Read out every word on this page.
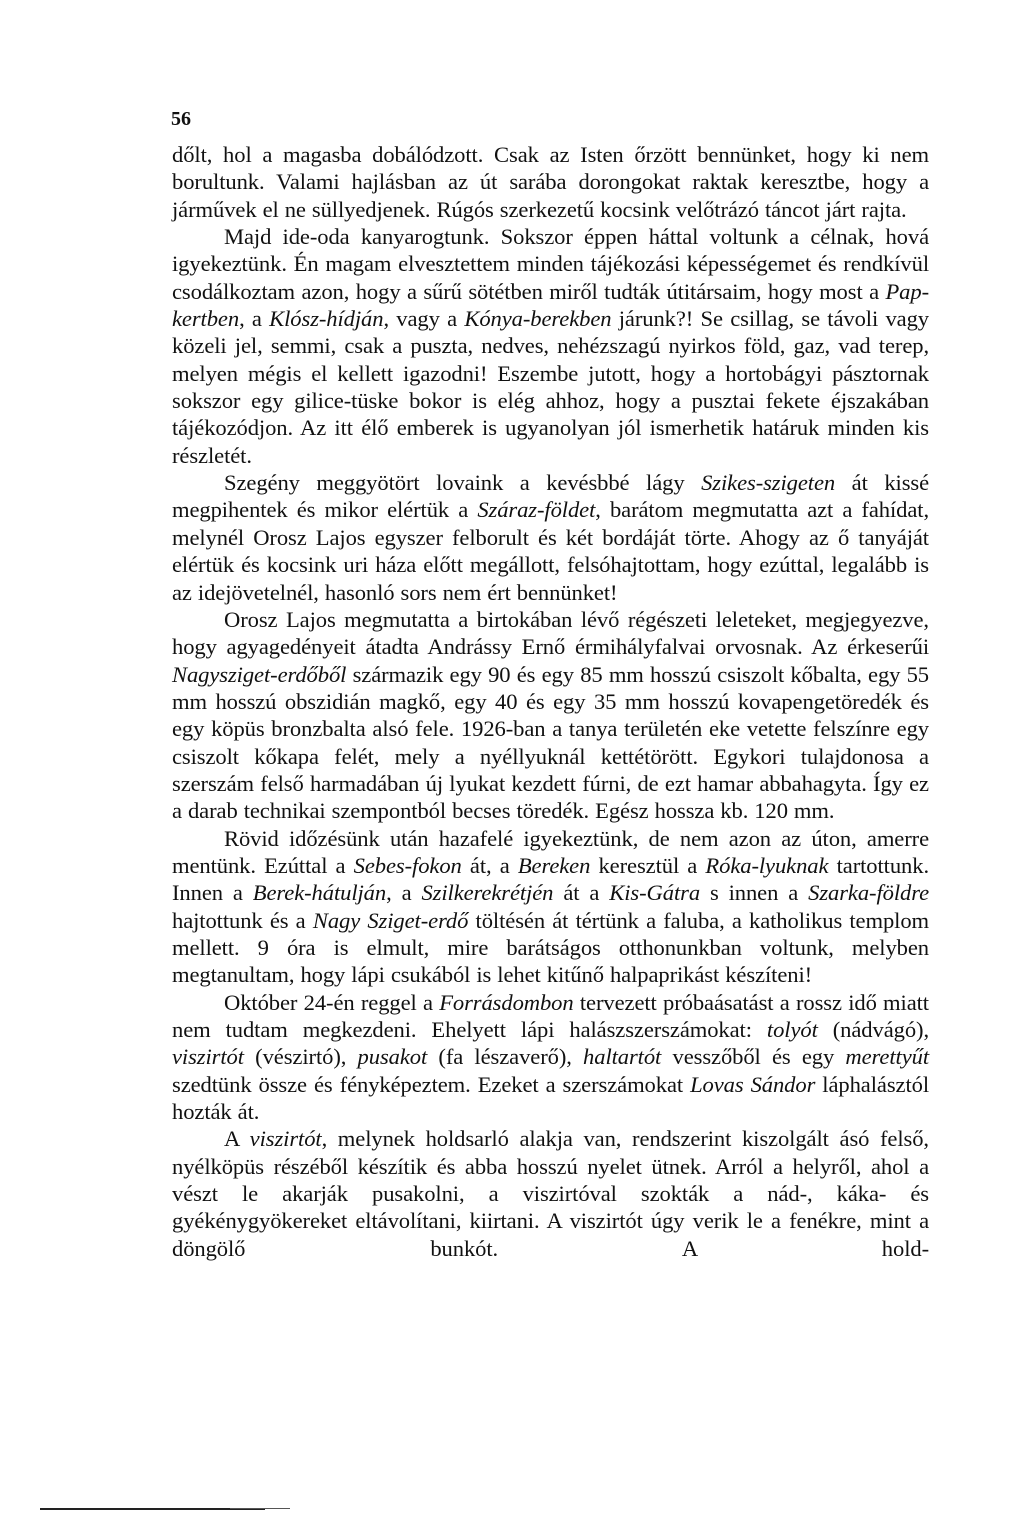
56

dőlt, hol a magasba dobálódzott. Csak az Isten őrzött bennünket, hogy ki nem borultunk. Valami hajlásban az út sarába dorongokat raktak keresztbe, hogy a járművek el ne süllyedjenek. Rúgós szerkezetű kocsink velőtrázó táncot járt rajta.

Majd ide-oda kanyarogtunk. Sokszor éppen háttal voltunk a célnak, hová igyekeztünk. Én magam elvesztettem minden tájékozási képességemet és rendkívül csodálkoztam azon, hogy a sűrű sötétben miről tudták útitársaim, hogy most a Pap-kertben, a Klósz-hídján, vagy a Kónya-berekben járunk?! Se csillag, se távoli vagy közeli jel, semmi, csak a puszta, nedves, nehézszagú nyirkos föld, gaz, vad terep, melyen mégis el kellett igazodni! Eszembe jutott, hogy a hortobágyi pásztornak sokszor egy gilice-tüske bokor is elég ahhoz, hogy a pusztai fekete éjszakában tájékozódjon. Az itt élő emberek is ugyanolyan jól ismerhetik határuk minden kis részletét.

Szegény meggyötört lovaink a kevésbbé lágy Szikes-szigeten át kissé megpihentek és mikor elértük a Száraz-földet, barátom megmutatta azt a fahídat, melynél Orosz Lajos egyszer felborult és két bordáját törte. Ahogy az ő tanyáját elértük és kocsink uri háza előtt megállott, felsóhajtottam, hogy ezúttal, legalább is az idejövetelnél, hasonló sors nem ért bennünket!

Orosz Lajos megmutatta a birtokában lévő régészeti leleteket, megjegyezve, hogy agyagedényeit átadta Andrássy Ernő érmihályfalvai orvosnak. Az érkeserűi Nagysziget-erdőből származik egy 90 és egy 85 mm hosszú csiszolt kőbalta, egy 55 mm hosszú obszidián magkő, egy 40 és egy 35 mm hosszú kovapengetöredék és egy köpüs bronzbalta alsó fele. 1926-ban a tanya területén eke vetette felszínre egy csiszolt kőkapa felét, mely a nyéllyuknál kettétörött. Egykori tulajdonosa a szerszám felső harmadában új lyukat kezdett fúrni, de ezt hamar abbahagyta. Így ez a darab technikai szempontból becses töredék. Egész hossza kb. 120 mm.

Rövid időzésünk után hazafelé igyekeztünk, de nem azon az úton, amerre mentünk. Ezúttal a Sebes-fokon át, a Bereken keresztül a Róka-lyuknak tartottunk. Innen a Berek-hátulján, a Szilkerekrétjén át a Kis-Gátra s innen a Szarka-földre hajtottunk és a Nagy Sziget-erdő töltésén át tértünk a faluba, a katholikus templom mellett. 9 óra is elmult, mire barátságos otthonunkban voltunk, melyben megtanultam, hogy lápi csukából is lehet kitűnő halpaprikást készíteni!

Október 24-én reggel a Forrásdombon tervezett próbaásatást a rossz idő miatt nem tudtam megkezdeni. Ehelyett lápi halászszerszámokat: tolyót (nádvágó), viszirtót (vészirtó), pusakot (fa lészaverő), haltartót vesszőből és egy merettyűt szedtünk össze és fényképeztem. Ezeket a szerszámokat Lovas Sándor láphalásztól hozták át.

A viszirtót, melynek holdsarló alakja van, rendszerint kiszolgált ásó felső, nyélköpüs részéből készítik és abba hosszú nyelet ütnek. Arról a helyről, ahol a vészt le akarják pusakolni, a viszirtóval szokták a nád-, káka- és gyékénygyökereket eltávolítani, kiirtani. A viszirtót úgy verik le a fenékre, mint a döngölő bunkót. A hold-
